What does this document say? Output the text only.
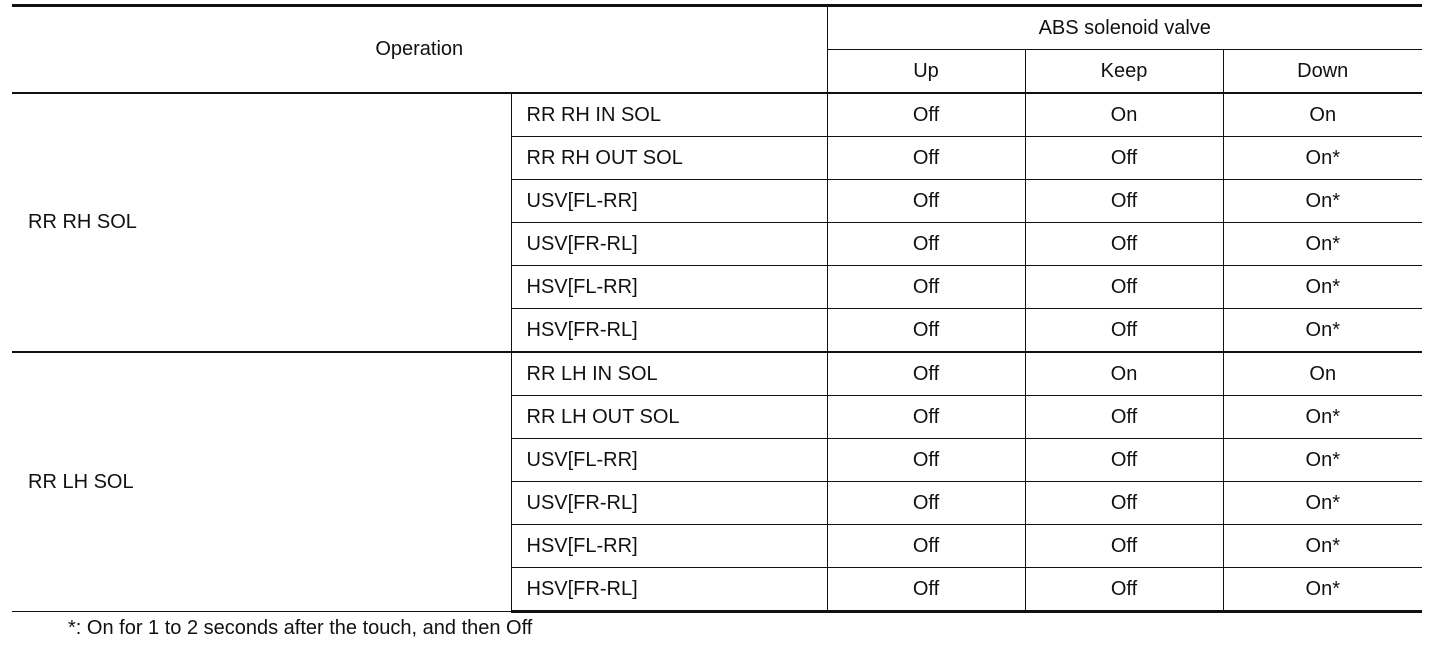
Operation		ABS solenoid valve		
		Up	Keep	Down
RR RH SOL	RR RH IN SOL	Off	On	On
	RR RH OUT SOL	Off	Off	On*
	USV[FL-RR]	Off	Off	On*
	USV[FR-RL]	Off	Off	On*
	HSV[FL-RR]	Off	Off	On*
	HSV[FR-RL]	Off	Off	On*
RR LH SOL	RR LH IN SOL	Off	On	On
	RR LH OUT SOL	Off	Off	On*
	USV[FL-RR]	Off	Off	On*
	USV[FR-RL]	Off	Off	On*
	HSV[FL-RR]	Off	Off	On*
	HSV[FR-RL]	Off	Off	On*
*: On for 1 to 2 seconds after the touch, and then Off
